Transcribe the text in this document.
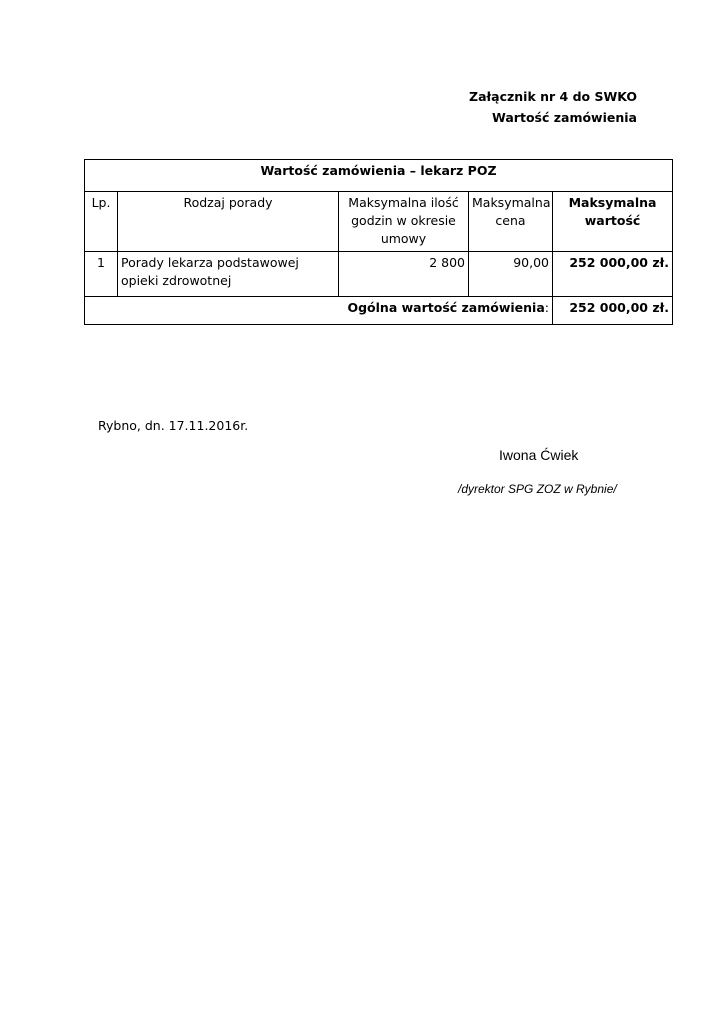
Załącznik nr 4 do SWKO
Wartość zamówienia
Wartość zamówienia – lekarz POZ				
Lp.	Rodzaj porady	Maksymalna ilość godzin w okresie umowy	Maksymalna cena	Maksymalna wartość
1	Porady lekarza podstawowej opieki zdrowotnej	2 800	90,00	252 000,00 zł.
Ogólna wartość zamówienia:				252 000,00 zł.
Rybno, dn. 17.11.2016r.
Iwona Ćwiek
/dyrektor SPG ZOZ w Rybnie/
